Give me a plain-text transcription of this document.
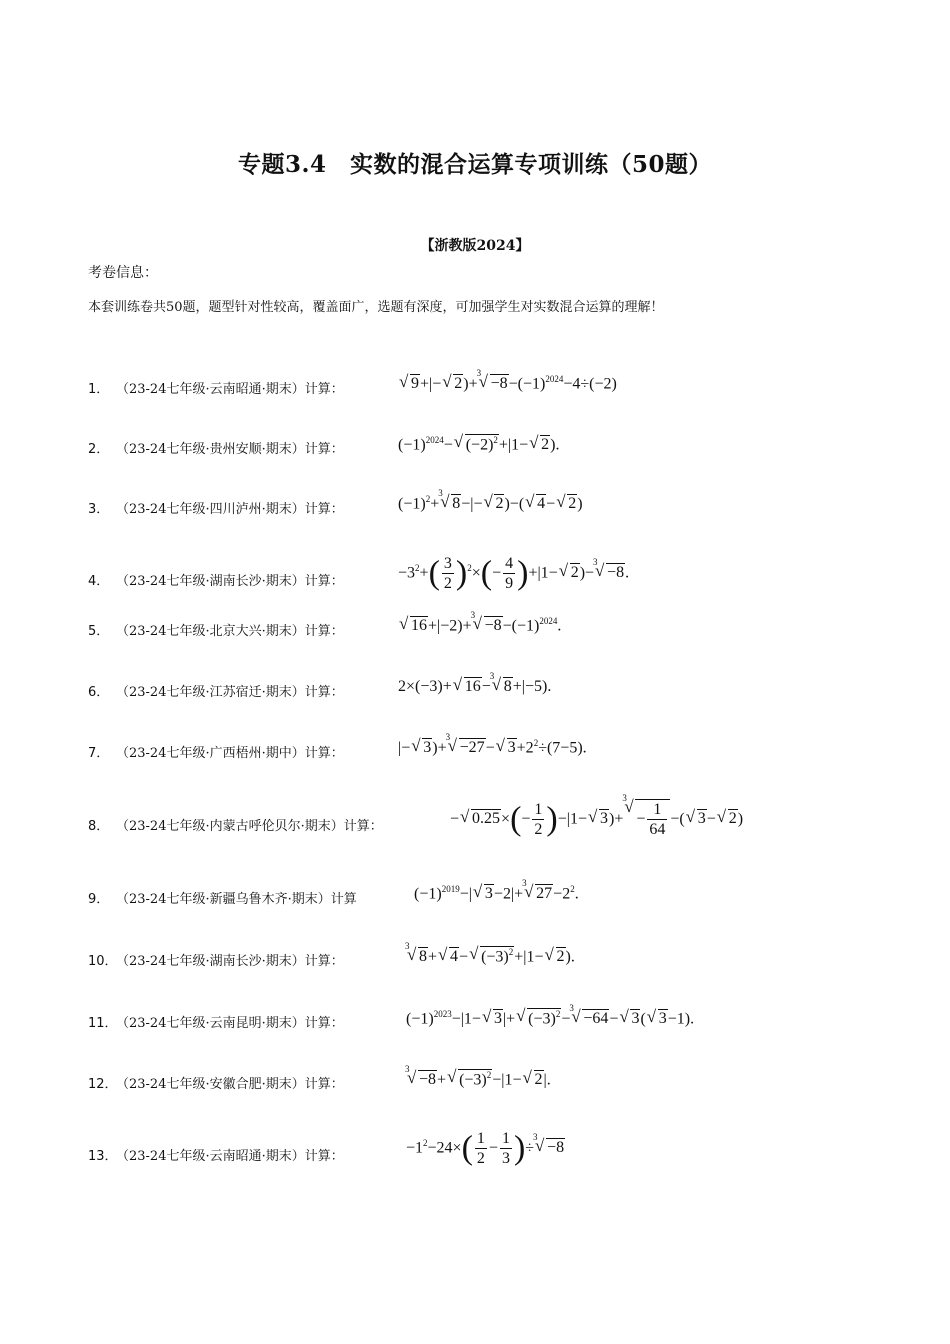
专题3.4　实数的混合运算专项训练（50题）
【浙教版2024】
考卷信息：
本套训练卷共50题，题型针对性较高，覆盖面广，选题有深度，可加强学生对实数混合运算的理解！
1． （23-24七年级·云南昭通·期末）计算：
√	9+|−√ 2)+
√ 3
$-8-(-1)^{2024}-4\div(-2)$
2． （23-24七年级·贵州安顺·期末）计算：	$(-1)^{2024}-√$ $(-2)^2+|1-√$ 2).
3． （23-24七年级·四川泸州·期末）计算：	$(-1)^2+$
√ 3
8−|−√ 2)−(√ 4−√ 2)
4． （23-24七年级·湖南长沙·期末）计算：
$-3^2+( \frac{3}{2} )^2\times(- \frac{4}{9} )+|1-√$ 2)−
√ 3
−8.
5． （23-24七年级·北京大兴·期末）计算：
√	16+|−2)+
√ 3
$-8-(-1)^{2024}$.
6． （23-24七年级·江苏宿迁·期末）计算：	2×(−3)+√ 16−
√ 3
8+|−5).
7． （23-24七年级·广西梧州·期中）计算：	|−√ 3)+
√ 3
−27−√ $3+2^2\div(7-5)$.
8． （23-24七年级·内蒙古呼伦贝尔·期末）计算：	−√ $0.25\times(- \frac{1}{2} )-|1-√$ 3)+
√ 3
− $\frac{1}{64}$ −(√ 3−√ 2)
9． （23-24七年级·新疆乌鲁木齐·期末）计算	$(-1)^{2019}-|√$ 3−2|+
√ 3
$27-2^2$.
10．
（23-24七年级·湖南长沙·期末）计算：
√ 3
8+√ 4−√ $(-3)^2+|1-√$ 2).
11．
（23-24七年级·云南昆明·期末）计算：	$(-1)^{2023}-|1-√$ 3|+√ $(-3)^2-$
√ 3
−64−√ 3(√ 3−1).
12．
（23-24七年级·安徽合肥·期末）计算：
√ 3
−8+√ $(-3)^2-|1-√$ 2|.
13．
（23-24七年级·云南昭通·期末）计算：
$-1^2-24\times( \frac{1}{2} - \frac{1}{3}$ )÷
√ 3
−8
